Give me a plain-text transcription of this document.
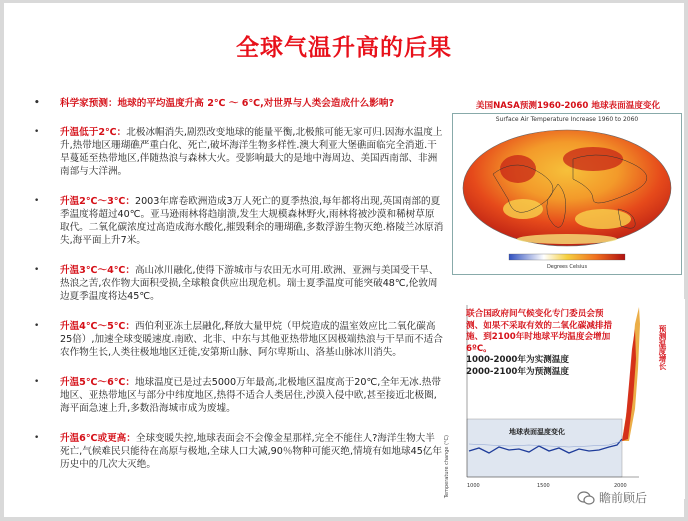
全球气温升高的后果
• 科学家预测：地球的平均温度升高 2℃ ～ 6℃,对世界与人类会造成什么影响?
• 升温低于2℃：北极冰帽消失,剧烈改变地球的能量平衡,北极熊可能无家可归.因海水温度上升,热带地区珊瑚礁严重白化、死亡,破坏海洋生物多样性.澳大利亚大堡礁面临完全消逝.干旱蔓延至热带地区,伴随热浪与森林大火。受影响最大的是地中海周边、美国西南部、非洲南部与大洋洲。
• 升温2℃～3℃：2003年席卷欧洲造成3万人死亡的夏季热浪,每年都将出现,英国南部的夏季温度将超过40℃。亚马逊雨林将趋崩溃,发生大规模森林野火,雨林将被沙漠和稀树草原取代。二氧化碳浓度过高造成海水酸化,摧毁剩余的珊瑚礁,多数浮游生物灭绝.格陵兰冰原消失,海平面上升7米。
• 升温3℃～4℃：高山冰川融化,使得下游城市与农田无水可用.欧洲、亚洲与美国受干旱、热浪之苦,农作物大面积受损,全球粮食供应出现危机。瑞士夏季温度可能突破48℃,伦敦周边夏季温度将达45℃。
• 升温4℃～5℃：西伯利亚冻土层融化,释放大量甲烷（甲烷造成的温室效应比二氧化碳高25倍）,加速全球变暖速度.南欧、北非、中东与其他亚热带地区因极端热浪与干旱而不适合农作物生长,人类往极地地区迁徙,安第斯山脉、阿尔卑斯山、洛基山脉冰川消失。
• 升温5℃～6℃：地球温度已是过去5000万年最高,北极地区温度高于20℃,全年无冰.热带地区、亚热带地区与部分中纬度地区,热得不适合人类居住,沙漠入侵中欧,甚至接近北极圈,海平面急速上升,多数沿海城市成为废墟。
• 升温6℃或更高：全球变暖失控,地球表面会不会像金星那样,完全不能住人?海洋生物大半死亡,气候难民只能待在高原与极地,全球人口大减,90％物种可能灭绝,情境有如地球45亿年历史中的几次大灭绝。
美国NASA预测1960-2060 地球表面温度变化
Surface Air Temperature Increase 1960 to 2060
Degrees Celsius
1000	1500	2000
联合国政府间气候变化专门委员会预测、如果不采取有效的二氧化碳减排措施、到2100年时地球平均温度会增加6ºC。
1000-2000年为实测温度
2000-2100年为预测温度
地球表面温度变化
预测温度增长
Temperature change (°C)	瞻前顾后
